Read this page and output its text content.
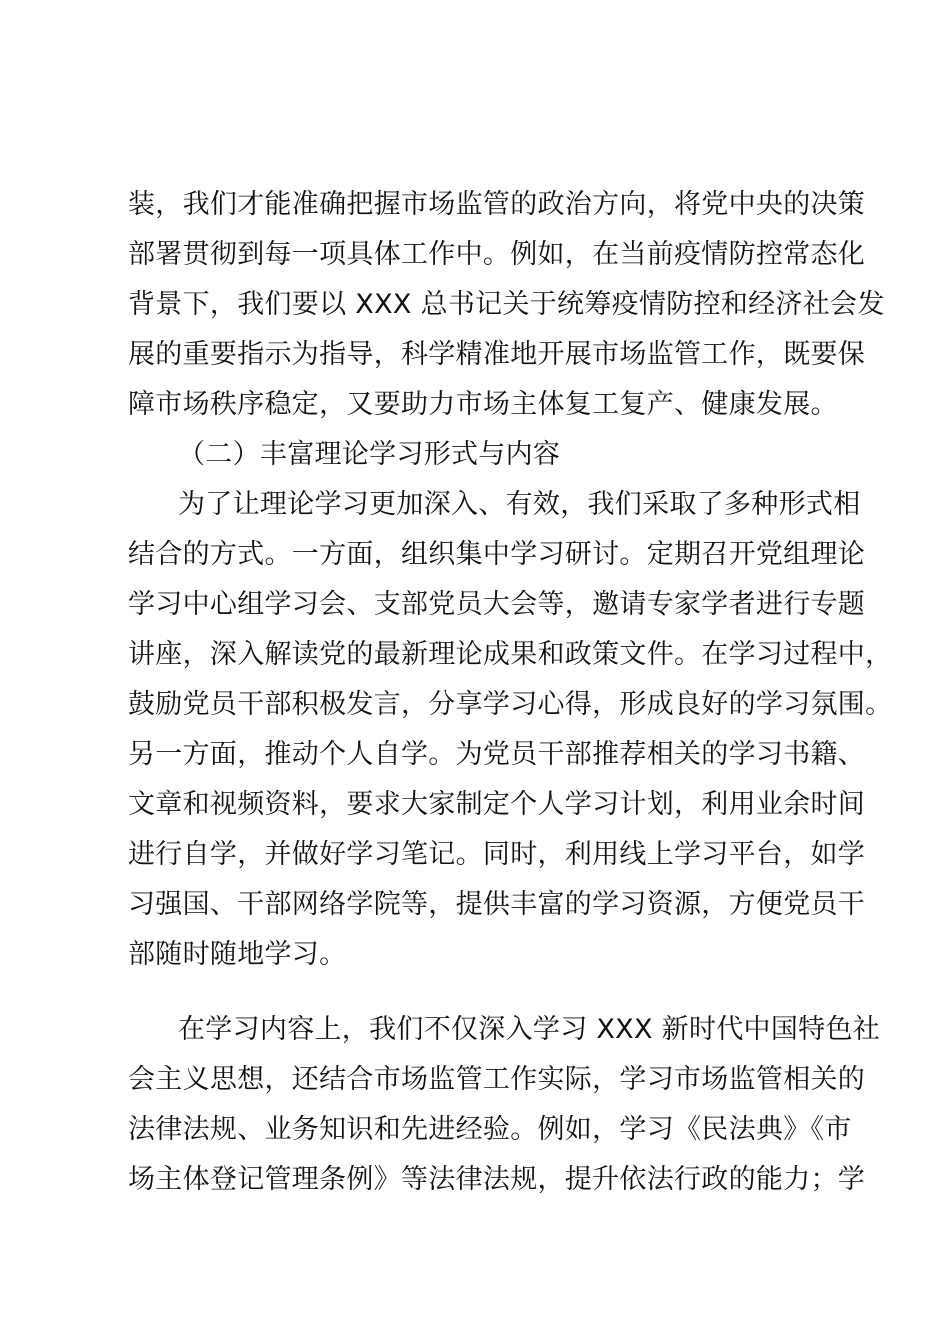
装，我们才能准确把握市场监管的政治方向，将党中央的决策
部署贯彻到每一项具体工作中。例如，在当前疫情防控常态化
背景下，我们要以 XXX 总书记关于统筹疫情防控和经济社会发
展的重要指示为指导，科学精准地开展市场监管工作，既要保
障市场秩序稳定，又要助力市场主体复工复产、健康发展。
（二）丰富理论学习形式与内容
为了让理论学习更加深入、有效，我们采取了多种形式相
结合的方式。一方面，组织集中学习研讨。定期召开党组理论
学习中心组学习会、支部党员大会等，邀请专家学者进行专题
讲座，深入解读党的最新理论成果和政策文件。在学习过程中，
鼓励党员干部积极发言，分享学习心得，形成良好的学习氛围。
另一方面，推动个人自学。为党员干部推荐相关的学习书籍、
文章和视频资料，要求大家制定个人学习计划，利用业余时间
进行自学，并做好学习笔记。同时，利用线上学习平台，如学
习强国、干部网络学院等，提供丰富的学习资源，方便党员干
部随时随地学习。
在学习内容上，我们不仅深入学习 XXX 新时代中国特色社
会主义思想，还结合市场监管工作实际，学习市场监管相关的
法律法规、业务知识和先进经验。例如，学习《民法典》《市
场主体登记管理条例》等法律法规，提升依法行政的能力；学
